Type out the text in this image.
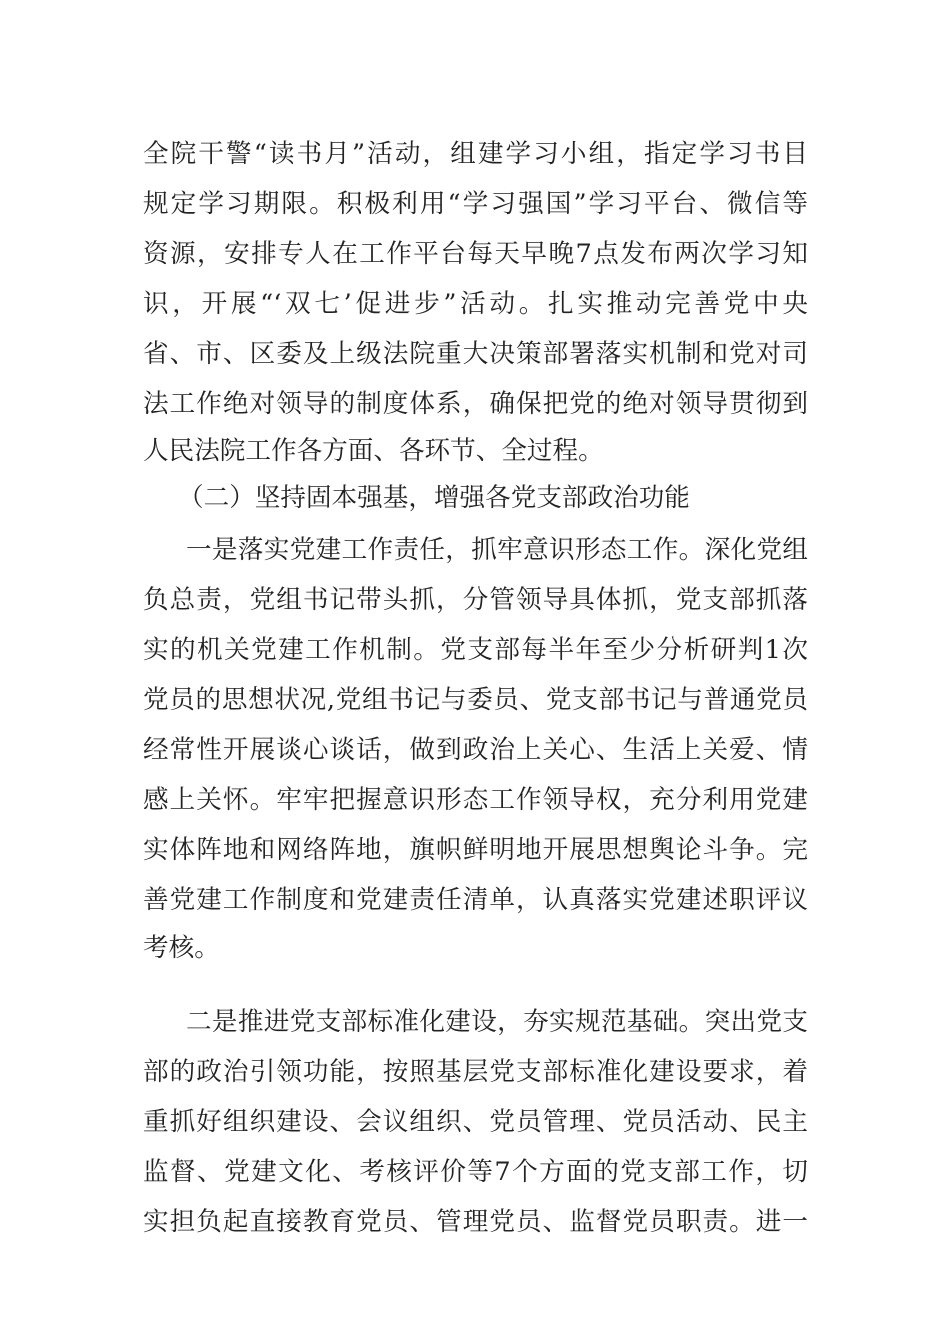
全院干警“读书月”活动，组建学习小组，指定学习书目
规定学习期限。积极利用“学习强国”学习平台、微信等
资源，安排专人在工作平台每天早晚7点发布两次学习知
识，开展“‘双七’促进步”活动。扎实推动完善党中央
省、市、区委及上级法院重大决策部署落实机制和党对司
法工作绝对领导的制度体系，确保把党的绝对领导贯彻到
人民法院工作各方面、各环节、全过程。
（二）坚持固本强基，增强各党支部政治功能
一是落实党建工作责任，抓牢意识形态工作。深化党组
负总责，党组书记带头抓，分管领导具体抓，党支部抓落
实的机关党建工作机制。党支部每半年至少分析研判1次
党员的思想状况,党组书记与委员、党支部书记与普通党员
经常性开展谈心谈话，做到政治上关心、生活上关爱、情
感上关怀。牢牢把握意识形态工作领导权，充分利用党建
实体阵地和网络阵地，旗帜鲜明地开展思想舆论斗争。完
善党建工作制度和党建责任清单，认真落实党建述职评议
考核。
二是推进党支部标准化建设，夯实规范基础。突出党支
部的政治引领功能，按照基层党支部标准化建设要求，着
重抓好组织建设、会议组织、党员管理、党员活动、民主
监督、党建文化、考核评价等7个方面的党支部工作，切
实担负起直接教育党员、管理党员、监督党员职责。进一
